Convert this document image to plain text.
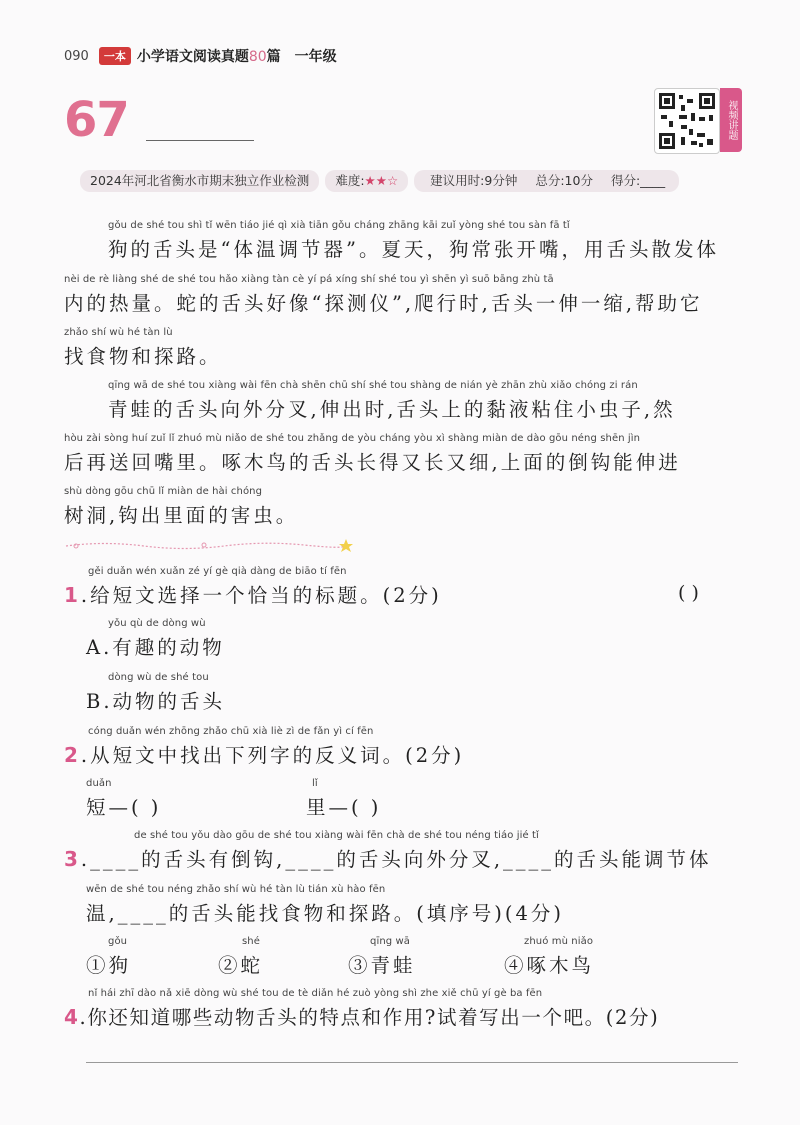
090	一本 小学语文阅读真题80篇 一年级
67	视频讲题
2024年河北省衡水市期末独立作业检测	难度:★★☆	建议用时:9分钟 总分:10分 得分:____
gǒu de shé tou shì tǐ wēn tiáo jié qì xià tiān gǒu cháng zhāng kāi zuǐ yòng shé tou sàn fā tǐ
狗的舌头是“体温调节器”。夏天，狗常张开嘴，用舌头散发体
nèi de rè liàng shé de shé tou hǎo xiàng tàn cè yí pá xíng shí shé tou yì shēn yì suō bāng zhù tā
内的热量。蛇的舌头好像“探测仪”,爬行时,舌头一伸一缩,帮助它
zhǎo shí wù hé tàn lù
找食物和探路。
qīng wā de shé tou xiàng wài fēn chà shēn chū shí shé tou shàng de nián yè zhān zhù xiǎo chóng zi rán
青蛙的舌头向外分叉,伸出时,舌头上的黏液粘住小虫子,然
hòu zài sòng huí zuǐ lǐ zhuó mù niǎo de shé tou zhǎng de yòu cháng yòu xì shàng miàn de dào gōu néng shēn jìn
后再送回嘴里。啄木鸟的舌头长得又长又细,上面的倒钩能伸进
shù dòng gōu chū lǐ miàn de hài chóng
树洞,钩出里面的害虫。
gěi duǎn wén xuǎn zé yí gè qià dàng de biāo tí fēn
1.给短文选择一个恰当的标题。(2分)	( )
yǒu qù de dòng wù
A.有趣的动物
dòng wù de shé tou
B.动物的舌头
cóng duǎn wén zhōng zhǎo chū xià liè zì de fǎn yì cí fēn
2.从短文中找出下列字的反义词。(2分)
duǎn
短—( )
lǐ
里—( )
de shé tou yǒu dào gōu de shé tou xiàng wài fēn chà de shé tou néng tiáo jié tǐ
3.____的舌头有倒钩,____的舌头向外分叉,____的舌头能调节体
wēn de shé tou néng zhǎo shí wù hé tàn lù tián xù hào fēn
温,____的舌头能找食物和探路。(填序号)(4分)
gǒu
①狗
shé
②蛇
qīng wā
③青蛙
zhuó mù niǎo
④啄木鸟
nǐ hái zhī dào nǎ xiē dòng wù shé tou de tè diǎn hé zuò yòng shì zhe xiě chū yí gè ba fēn
4.你还知道哪些动物舌头的特点和作用?试着写出一个吧。(2分)
